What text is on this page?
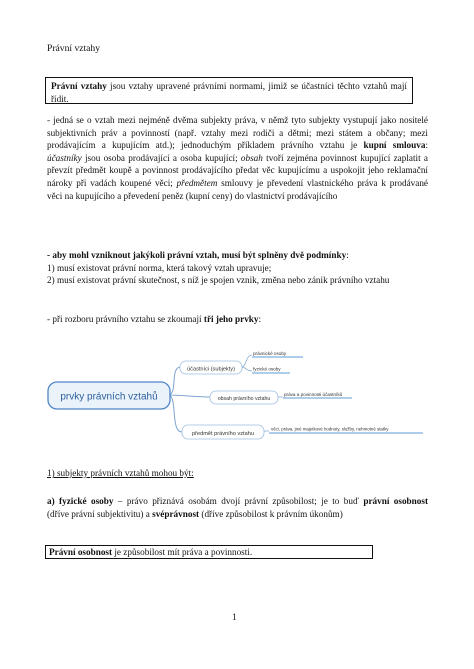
Právní vztahy
Právní vztahy jsou vztahy upravené právními normami, jimiž se účastníci těchto vztahů mají řídit.
- jedná se o vztah mezi nejméně dvěma subjekty práva, v němž tyto subjekty vystupují jako nositelé
subjektivních práv a povinností (např. vztahy mezi rodiči a dětmi; mezi státem a občany; mezi
prodávajícím a kupujícím atd.); jednoduchým příkladem právního vztahu je kupní smlouva:
účastníky jsou osoba prodávající a osoba kupující; obsah tvoří zejména povinnost kupující zaplatit a
převzít předmět koupě a povinnost prodávajícího předat věc kupujícímu a uspokojit jeho reklamační
nároky při vadách koupené věci; předmětem smlouvy je převedení vlastnického práva k prodávané
věci na kupujícího a převedení peněz (kupní ceny) do vlastnictví prodávajícího
- aby mohl vzniknout jakýkoli právní vztah, musí být splněny dvě podmínky:
1) musí existovat právní norma, která takový vztah upravuje;
2) musí existovat právní skutečnost, s níž je spojen vznik, změna nebo zánik právního vztahu
- při rozboru právního vztahu se zkoumají tři jeho prvky:
prvky právních vztahů
účastníci (subjekty)	fyzické osoby
právnické osoby
obsah právního vztahu
práva a povinnosti účastníků
předmět právního vztahu
věci, práva, jiné majetkové hodnoty, služby, nehmotné statky
1) subjekty právních vztahů mohou být:
a) fyzické osoby – právo přiznává osobám dvojí právní způsobilost; je to buď právní osobnost
(dříve právní subjektivitu) a svéprávnost (dříve způsobilost k právním úkonům)
Právní osobnost je způsobilost mít práva a povinnosti.
1
